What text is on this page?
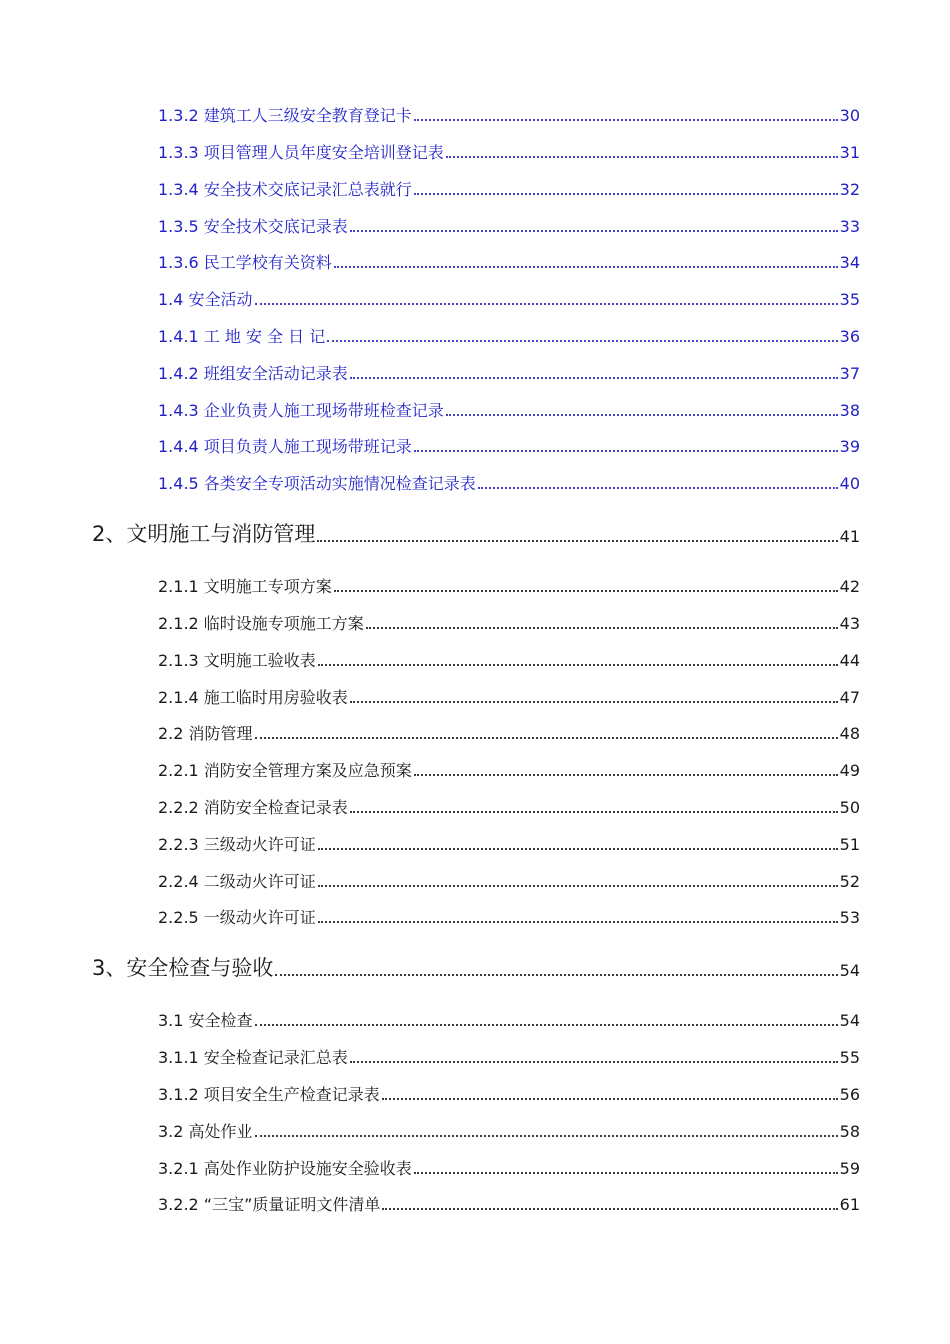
1.3.2 建筑工人三级安全教育登记卡	30
1.3.3 项目管理人员年度安全培训登记表	31
1.3.4 安全技术交底记录汇总表就行	32
1.3.5 安全技术交底记录表	33
1.3.6 民工学校有关资料	34
1.4 安全活动	35
1.4.1 工 地 安 全 日 记	36
1.4.2 班组安全活动记录表	37
1.4.3 企业负责人施工现场带班检查记录	38
1.4.4 项目负责人施工现场带班记录	39
1.4.5 各类安全专项活动实施情况检查记录表	40
2、文明施工与消防管理	41
2.1.1 文明施工专项方案	42
2.1.2 临时设施专项施工方案	43
2.1.3 文明施工验收表	44
2.1.4 施工临时用房验收表	47
2.2 消防管理	48
2.2.1 消防安全管理方案及应急预案	49
2.2.2 消防安全检查记录表	50
2.2.3 三级动火许可证	51
2.2.4 二级动火许可证	52
2.2.5 一级动火许可证	53
3、安全检查与验收	54
3.1 安全检查	54
3.1.1 安全检查记录汇总表	55
3.1.2 项目安全生产检查记录表	56
3.2 高处作业	58
3.2.1 高处作业防护设施安全验收表	59
3.2.2 “三宝”质量证明文件清单	61
